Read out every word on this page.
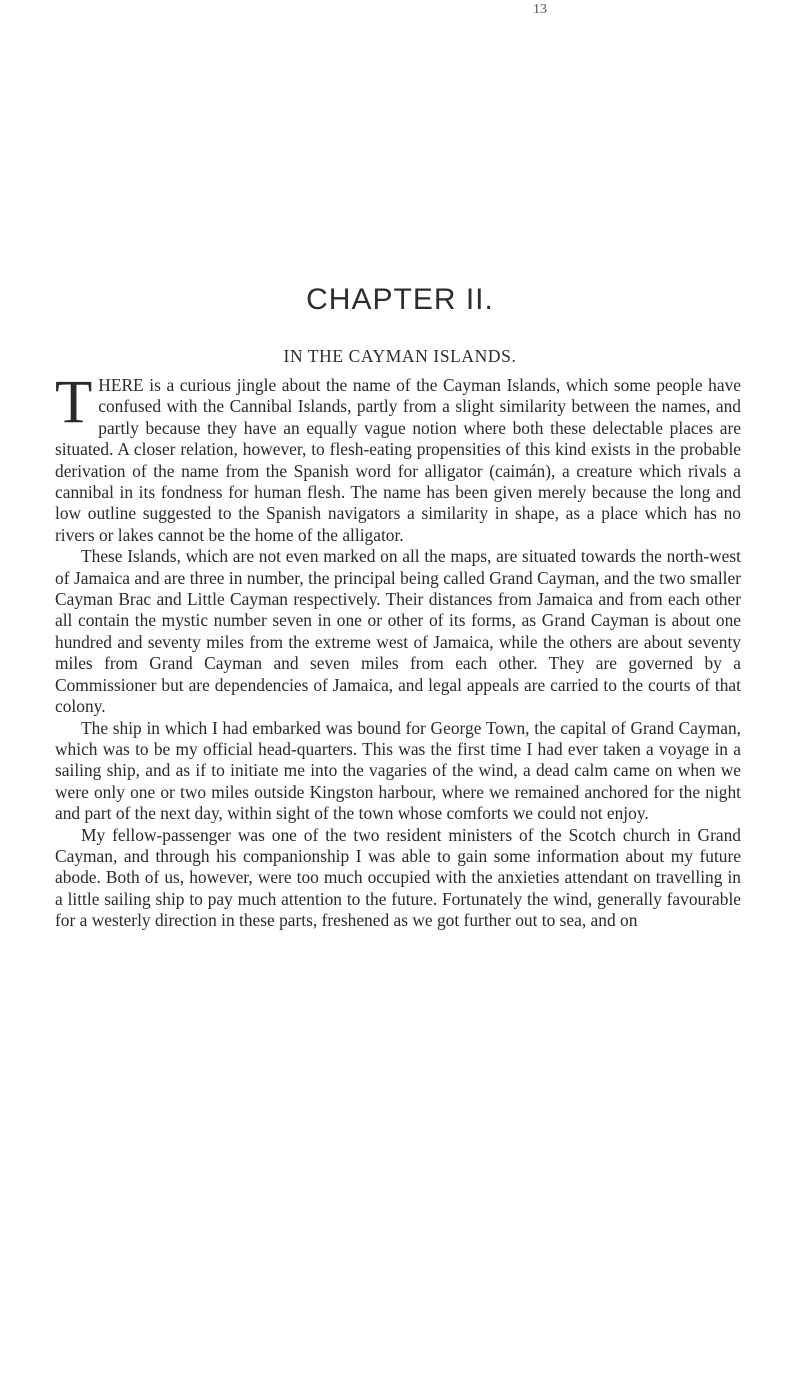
13
CHAPTER II.
IN THE CAYMAN ISLANDS.

THERE is a curious jingle about the name of the Cayman Islands, which some people have confused with the Cannibal Islands, partly from a slight similarity between the names, and partly because they have an equally vague notion where both these delectable places are situated. A closer relation, however, to flesh-eating propensities of this kind exists in the probable derivation of the name from the Spanish word for alligator (caimán), a creature which rivals a cannibal in its fondness for human flesh. The name has been given merely because the long and low outline suggested to the Spanish navigators a similarity in shape, as a place which has no rivers or lakes cannot be the home of the alligator.

These Islands, which are not even marked on all the maps, are situated towards the north-west of Jamaica and are three in number, the principal being called Grand Cayman, and the two smaller Cayman Brac and Little Cayman respectively. Their distances from Jamaica and from each other all contain the mystic number seven in one or other of its forms, as Grand Cayman is about one hundred and seventy miles from the extreme west of Jamaica, while the others are about seventy miles from Grand Cayman and seven miles from each other. They are governed by a Commissioner but are dependencies of Jamaica, and legal appeals are carried to the courts of that colony.

The ship in which I had embarked was bound for George Town, the capital of Grand Cayman, which was to be my official head-quarters. This was the first time I had ever taken a voyage in a sailing ship, and as if to initiate me into the vagaries of the wind, a dead calm came on when we were only one or two miles outside Kingston harbour, where we remained anchored for the night and part of the next day, within sight of the town whose comforts we could not enjoy.

My fellow-passenger was one of the two resident ministers of the Scotch church in Grand Cayman, and through his companionship I was able to gain some information about my future abode. Both of us, however, were too much occupied with the anxieties attendant on travelling in a little sailing ship to pay much attention to the future. Fortunately the wind, generally favourable for a westerly direction in these parts, freshened as we got further out to sea, and on
